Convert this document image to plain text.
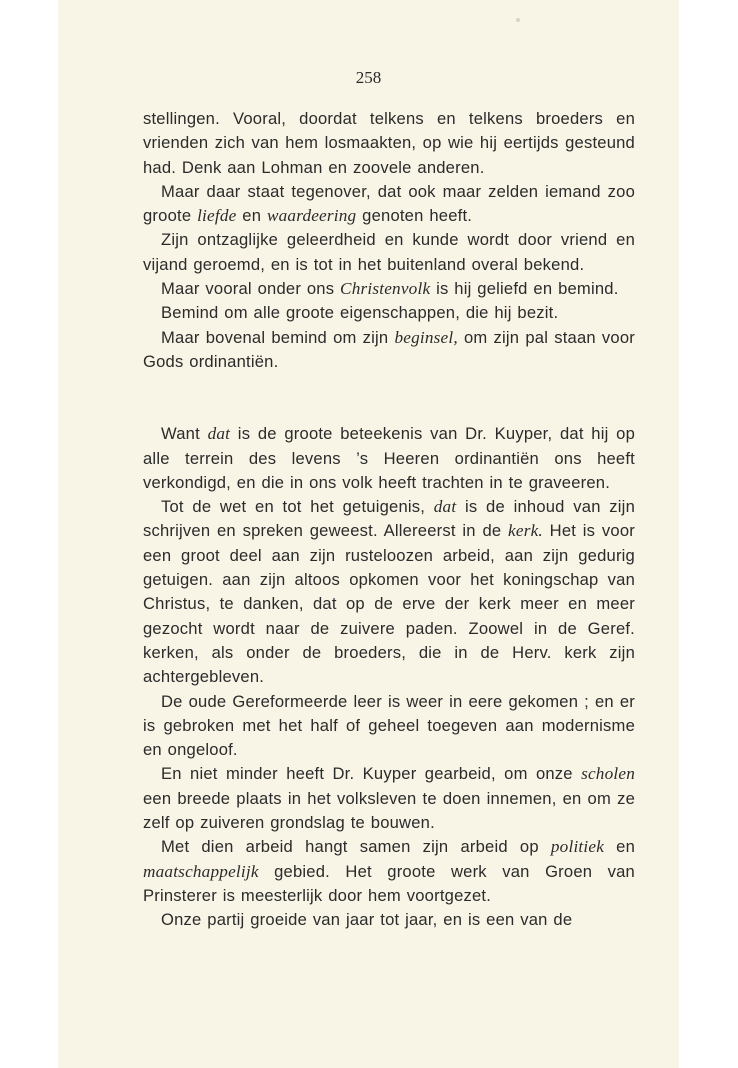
258

stellingen. Vooral, doordat telkens en telkens broeders en vrienden zich van hem losmaakten, op wie hij eertijds gesteund had. Denk aan Lohman en zoovele anderen.

Maar daar staat tegenover, dat ook maar zelden iemand zoo groote liefde en waardeering genoten heeft.

Zijn ontzaglijke geleerdheid en kunde wordt door vriend en vijand geroemd, en is tot in het buitenland overal bekend.

Maar vooral onder ons Christenvolk is hij geliefd en bemind.

Bemind om alle groote eigenschappen, die hij bezit.

Maar bovenal bemind om zijn beginsel, om zijn pal staan voor Gods ordinantiën.

Want dat is de groote beteekenis van Dr. Kuyper, dat hij op alle terrein des levens ’s Heeren ordinantiën ons heeft verkondigd, en die in ons volk heeft trachten in te graveeren.

Tot de wet en tot het getuigenis, dat is de inhoud van zijn schrijven en spreken geweest. Allereerst in de kerk. Het is voor een groot deel aan zijn rusteloozen arbeid, aan zijn gedurig getuigen. aan zijn altoos opkomen voor het koningschap van Christus, te danken, dat op de erve der kerk meer en meer gezocht wordt naar de zuivere paden. Zoowel in de Geref. kerken, als onder de broeders, die in de Herv. kerk zijn achtergebleven.

De oude Gereformeerde leer is weer in eere gekomen ; en er is gebroken met het half of geheel toegeven aan modernisme en ongeloof.

En niet minder heeft Dr. Kuyper gearbeid, om onze scholen een breede plaats in het volksleven te doen innemen, en om ze zelf op zuiveren grondslag te bouwen.

Met dien arbeid hangt samen zijn arbeid op politiek en maatschappelijk gebied. Het groote werk van Groen van Prinsterer is meesterlijk door hem voortgezet.

Onze partij groeide van jaar tot jaar, en is een van de
